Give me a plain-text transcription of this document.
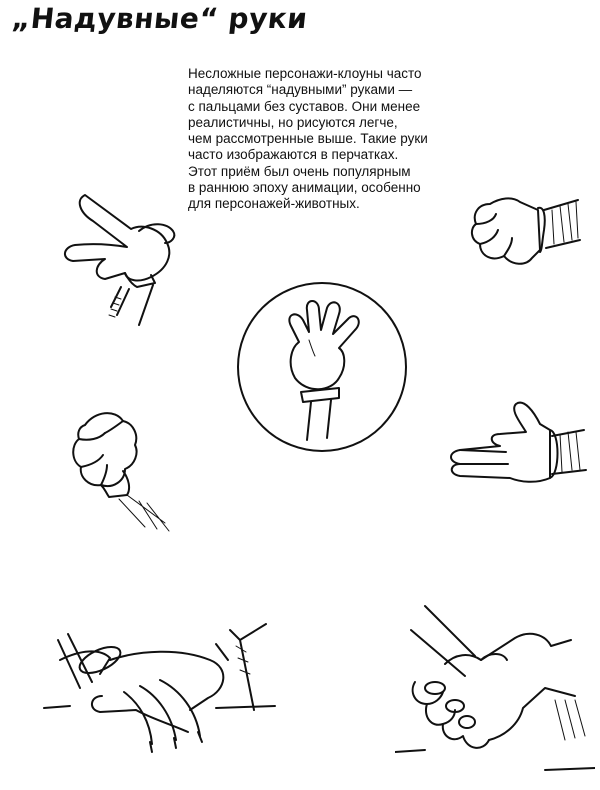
„Надувные“ руки
Несложные персонажи-клоуны часто
наделяются “надувными” руками —
с пальцами без суставов. Они менее
реалистичны, но рисуются легче,
чем рассмотренные выше. Такие руки
часто изображаются в перчатках.
Этот приём был очень популярным
в раннюю эпоху анимации, особенно
для персонажей-животных.
